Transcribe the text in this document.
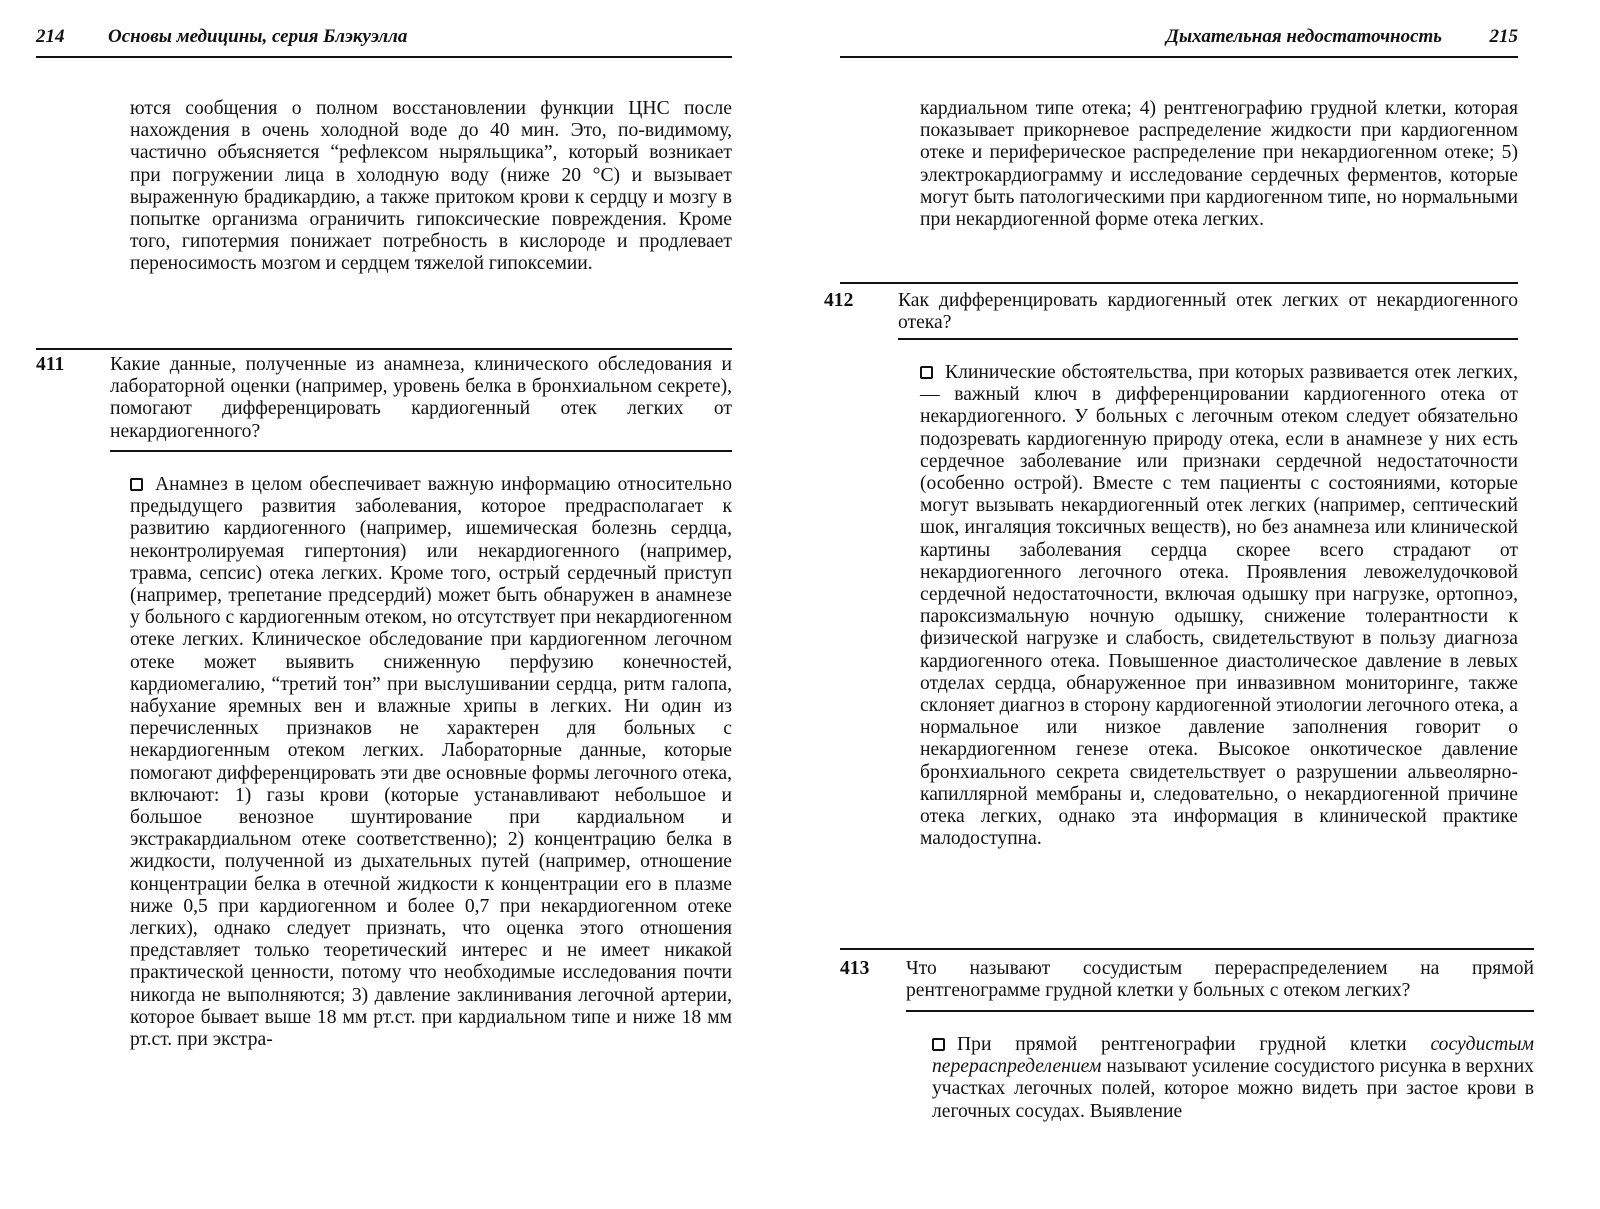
214 Основы медицины, серия Блэкуэлла
ются сообщения о полном восстановлении функции ЦНС после нахождения в очень холодной воде до 40 мин. Это, по-видимому, частично объясняется “рефлексом ныряльщика”, который возникает при погружении лица в холодную воду (ниже 20 °C) и вызывает выраженную брадикардию, а также притоком крови к сердцу и мозгу в попытке организма ограничить гипоксические повреждения. Кроме того, гипотермия понижает потребность в кислороде и продлевает переносимость мозгом и сердцем тяжелой гипоксемии.
411 Какие данные, полученные из анамнеза, клинического обследования и лабораторной оценки (например, уровень белка в бронхиальном секрете), помогают дифференцировать кардиогенный отек легких от некардиогенного?
Анамнез в целом обеспечивает важную информацию относительно предыдущего развития заболевания, которое предрасполагает к развитию кардиогенного (например, ишемическая болезнь сердца, неконтролируемая гипертония) или некардиогенного (например, травма, сепсис) отека легких. Кроме того, острый сердечный приступ (например, трепетание предсердий) может быть обнаружен в анамнезе у больного с кардиогенным отеком, но отсутствует при некардиогенном отеке легких. Клиническое обследование при кардиогенном легочном отеке может выявить сниженную перфузию конечностей, кардиомегалию, “третий тон” при выслушивании сердца, ритм галопа, набухание яремных вен и влажные хрипы в легких. Ни один из перечисленных признаков не характерен для больных с некардиогенным отеком легких. Лабораторные данные, которые помогают дифференцировать эти две основные формы легочного отека, включают: 1) газы крови (которые устанавливают небольшое и большое венозное шунтирование при кардиальном и экстракардиальном отеке соответственно); 2) концентрацию белка в жидкости, полученной из дыхательных путей (например, отношение концентрации белка в отечной жидкости к концентрации его в плазме ниже 0,5 при кардиогенном и более 0,7 при некардиогенном отеке легких), однако следует признать, что оценка этого отношения представляет только теоретический интерес и не имеет никакой практической ценности, потому что необходимые исследования почти никогда не выполняются; 3) давление заклинивания легочной артерии, которое бывает выше 18 мм рт.ст. при кардиальном типе и ниже 18 мм рт.ст. при экстра-
Дыхательная недостаточность	215
кардиальном типе отека; 4) рентгенографию грудной клетки, которая показывает прикорневое распределение жидкости при кардиогенном отеке и периферическое распределение при некардиогенном отеке; 5) электрокардиограмму и исследование сердечных ферментов, которые могут быть патологическими при кардиогенном типе, но нормальными при некардиогенной форме отека легких.
412 Как дифференцировать кардиогенный отек легких от некардиогенного отека?
Клинические обстоятельства, при которых развивается отек легких, — важный ключ в дифференцировании кардиогенного отека от некардиогенного. У больных с легочным отеком следует обязательно подозревать кардиогенную природу отека, если в анамнезе у них есть сердечное заболевание или признаки сердечной недостаточности (особенно острой). Вместе с тем пациенты с состояниями, которые могут вызывать некардиогенный отек легких (например, септический шок, ингаляция токсичных веществ), но без анамнеза или клинической картины заболевания сердца скорее всего страдают от некардиогенного легочного отека. Проявления левожелудочковой сердечной недостаточности, включая одышку при нагрузке, ортопноэ, пароксизмальную ночную одышку, снижение толерантности к физической нагрузке и слабость, свидетельствуют в пользу диагноза кардиогенного отека. Повышенное диастолическое давление в левых отделах сердца, обнаруженное при инвазивном мониторинге, также склоняет диагноз в сторону кардиогенной этиологии легочного отека, а нормальное или низкое давление заполнения говорит о некардиогенном генезе отека. Высокое онкотическое давление бронхиального секрета свидетельствует о разрушении альвеолярно-капиллярной мембраны и, следовательно, о некардиогенной причине отека легких, однако эта информация в клинической практике малодоступна.
413 Что называют сосудистым перераспределением на прямой рентгенограмме грудной клетки у больных с отеком легких?
При прямой рентгенографии грудной клетки сосудистым перераспределением называют усиление сосудистого рисунка в верхних участках легочных полей, которое можно видеть при застое крови в легочных сосудах. Выявление
